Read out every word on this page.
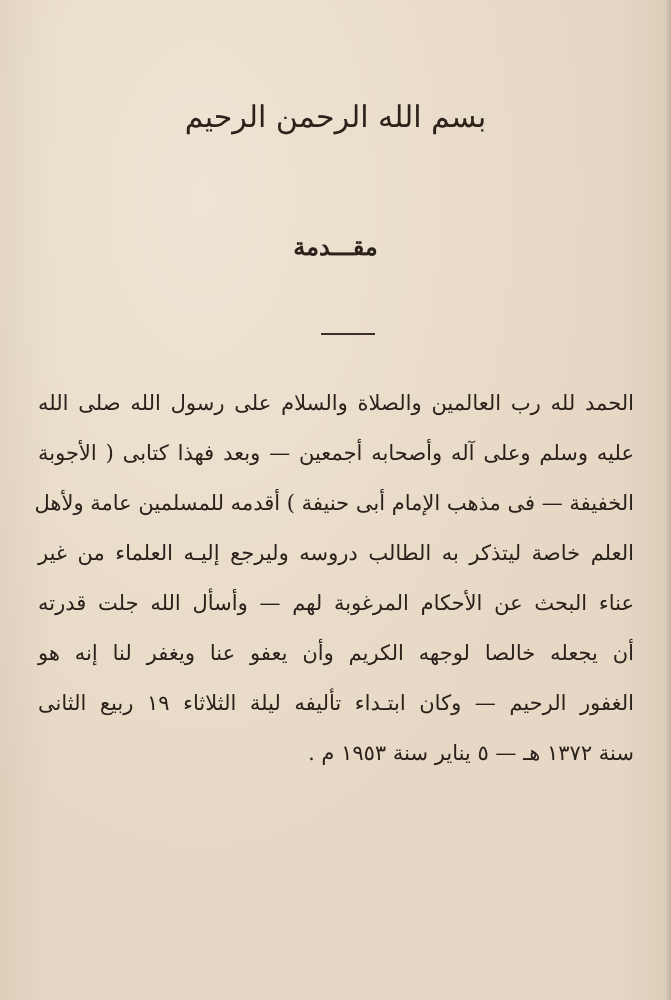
بسم الله الرحمن الرحيم
مقـــدمة
الحمد لله رب العالمين والصلاة والسلام على رسول الله صلى الله
عليه وسلم وعلى آله وأصحابه أجمعين — وبعد فهذا كتابى ( الأجوبة
الخفيفة — فى مذهب الإمام أبى حنيفة ) أقدمه للمسلمين عامة ولأهل
العلم خاصة ليتذكر به الطالب دروسه وليرجع إليـه العلماء من غير
عناء البحث عن الأحكام المرغوبة لهم — وأسأل الله جلت قدرته
أن يجعله خالصا لوجهه الكريم وأن يعفو عنا ويغفر لنا إنه هو
الغفور الرحيم — وكان ابتـداء تأليفه ليلة الثلاثاء ١٩ ربيع الثانى
سنة ١٣٧٢ هـ — ٥ يناير سنة ١٩٥٣ م .
